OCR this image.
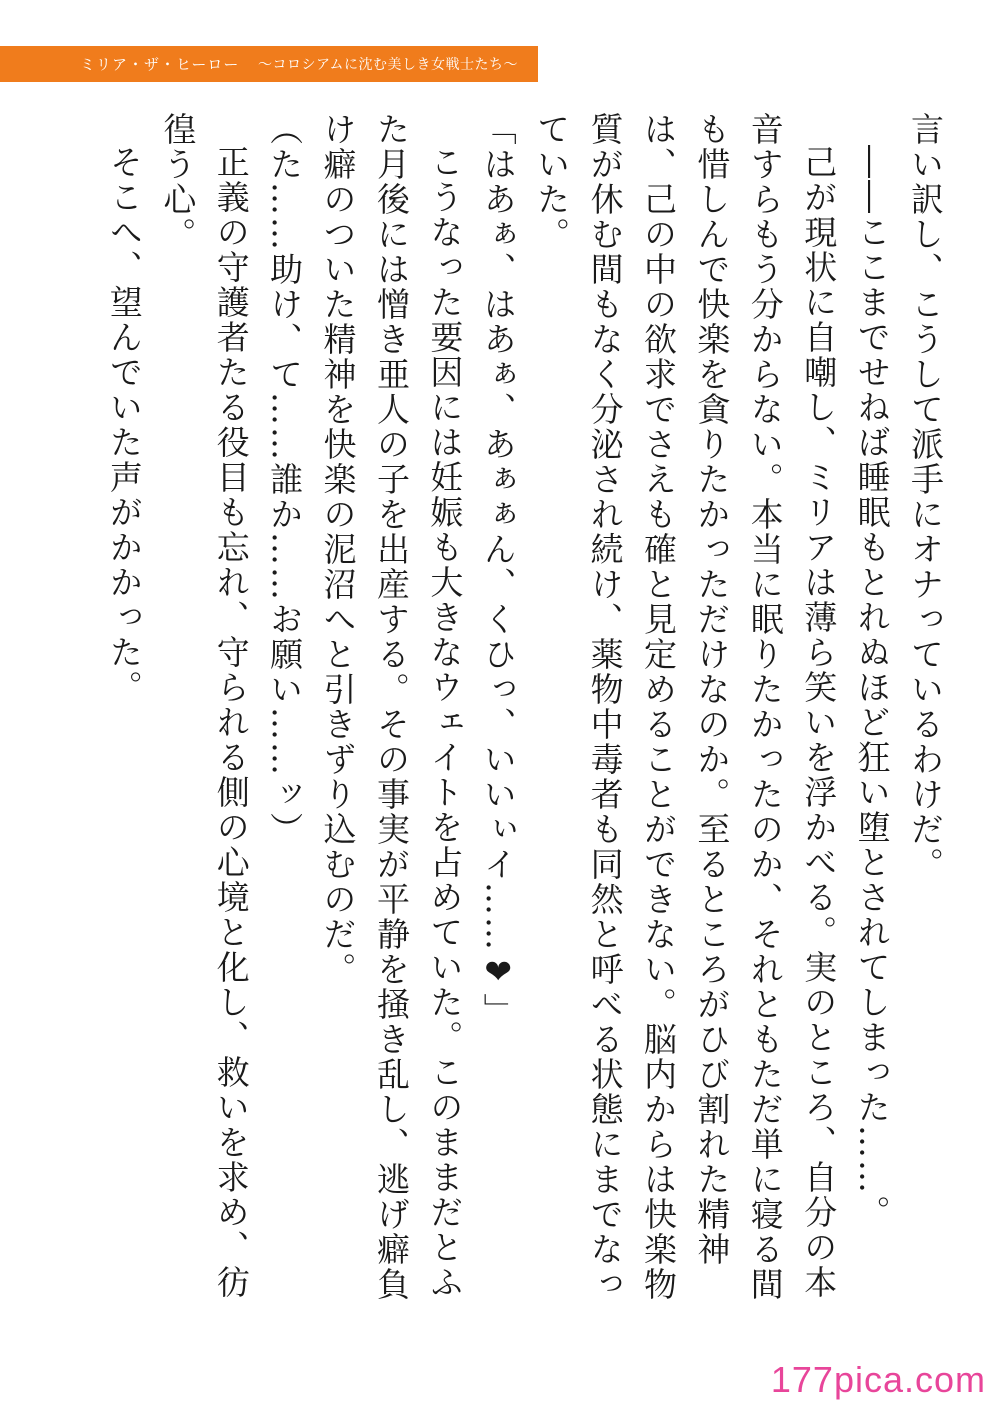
ミリア・ザ・ヒーロー 〜コロシアムに沈む美しき女戦士たち〜

言い訳し、こうして派手にオナっているわけだ。

――ここまでせねば睡眠もとれぬほど狂い堕とされてしまった……。

己が現状に自嘲し、ミリアは薄ら笑いを浮かべる。実のところ、自分の本音すらもう分からない。本当に眠りたかったのか、それともただ単に寝る間も惜しんで快楽を貪りたかっただけなのか。至るところがひび割れた精神は、己の中の欲求でさえも確と見定めることができない。脳内からは快楽物質が休む間もなく分泌され続け、薬物中毒者も同然と呼べる状態にまでなっていた。

「はあぁ、はあぁ、あぁぁん、くひっ、いいぃイ……❤」

こうなった要因には妊娠も大きなウェイトを占めていた。このままだとふた月後には憎き亜人の子を出産する。その事実が平静を掻き乱し、逃げ癖負け癖のついた精神を快楽の泥沼へと引きずり込むのだ。

（た……助け、て……誰か……お願い……ッ）

正義の守護者たる役目も忘れ、守られる側の心境と化し、救いを求め、彷徨う心。

そこへ、望んでいた声がかかった。

177pica.com
